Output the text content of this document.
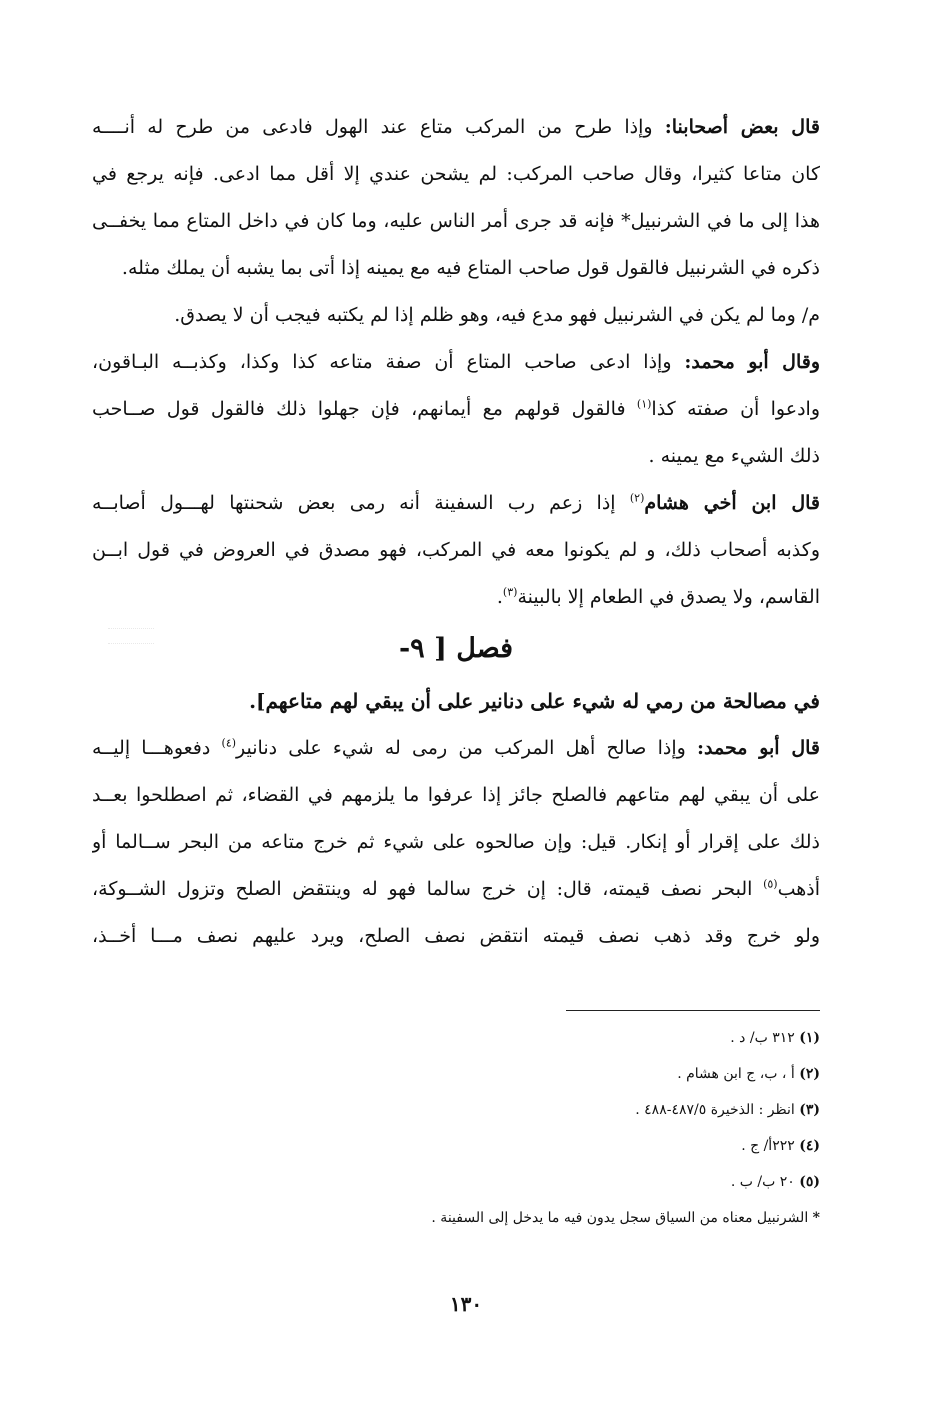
قال بعض أصحابنا: وإذا طرح من المركب متاع عند الهول فادعى من طرح له أنــــه
كان متاعا كثيرا، وقال صاحب المركب: لم يشحن عندي إلا أقل مما ادعى. فإنه يرجع في
هذا إلى ما في الشرنبيل* فإنه قد جرى أمر الناس عليه، وما كان في داخل المتاع مما يخفــى
ذكره في الشرنبيل فالقول قول صاحب المتاع فيه مع يمينه إذا أتى بما يشبه أن يملك مثله.
م/ وما لم يكن في الشرنبيل فهو مدع فيه، وهو ظلم إذا لم يكتبه فيجب أن لا يصدق.
وقال أبو محمد: وإذا ادعى صاحب المتاع أن صفة متاعه كذا وكذا، وكذبــه البـاقون،
وادعوا أن صفته كذا$^{(١)}$ فالقول قولهم مع أيمانهم، فإن جهلوا ذلك فالقول قول صــاحب
ذلك الشيء مع يمينه .
قال ابن أخي هشام$^{(٢)}$ إذا زعم رب السفينة أنه رمى بعض شحنتها لهـــول أصابــه
وكذبه أصحاب ذلك، و لم يكونوا معه في المركب، فهو مصدق في العروض في قول ابــن
القاسم، ولا يصدق في الطعام إلا بالبينة$^{(٣)}$.
فصل [ ٩-
في مصالحة من رمي له شيء على دنانير على أن يبقي لهم متاعهم].
قال أبو محمد: وإذا صالح أهل المركب من رمى له شيء على دنانير$^{(٤)}$ دفعوهـــا إليــه
على أن يبقي لهم متاعهم فالصلح جائز إذا عرفوا ما يلزمهم في القضاء، ثم اصطلحوا بعــد
ذلك على إقرار أو إنكار. قيل: وإن صالحوه على شيء ثم خرج متاعه من البحر ســالما أو
أذهب$^{(٥)}$ البحر نصف قيمته، قال: إن خرج سالما فهو له وينتقض الصلح وتزول الشــوكة،
ولو خرج وقد ذهب نصف قيمته انتقض نصف الصلح، ويرد عليهم نصف مـــا أخــذ،
(١) ٣١٢ ب/ د .
(٢) أ ، ب، ج ابن هشام .
(٣) انظر : الذخيرة ٤٨٧/٥-٤٨٨ .
(٤) ٢٢٢أ/ ج .
(٥) ٢٠ ب/ ب .
* الشرنبيل معناه من السياق سجل يدون فيه ما يدخل إلى السفينة .
١٣٠
